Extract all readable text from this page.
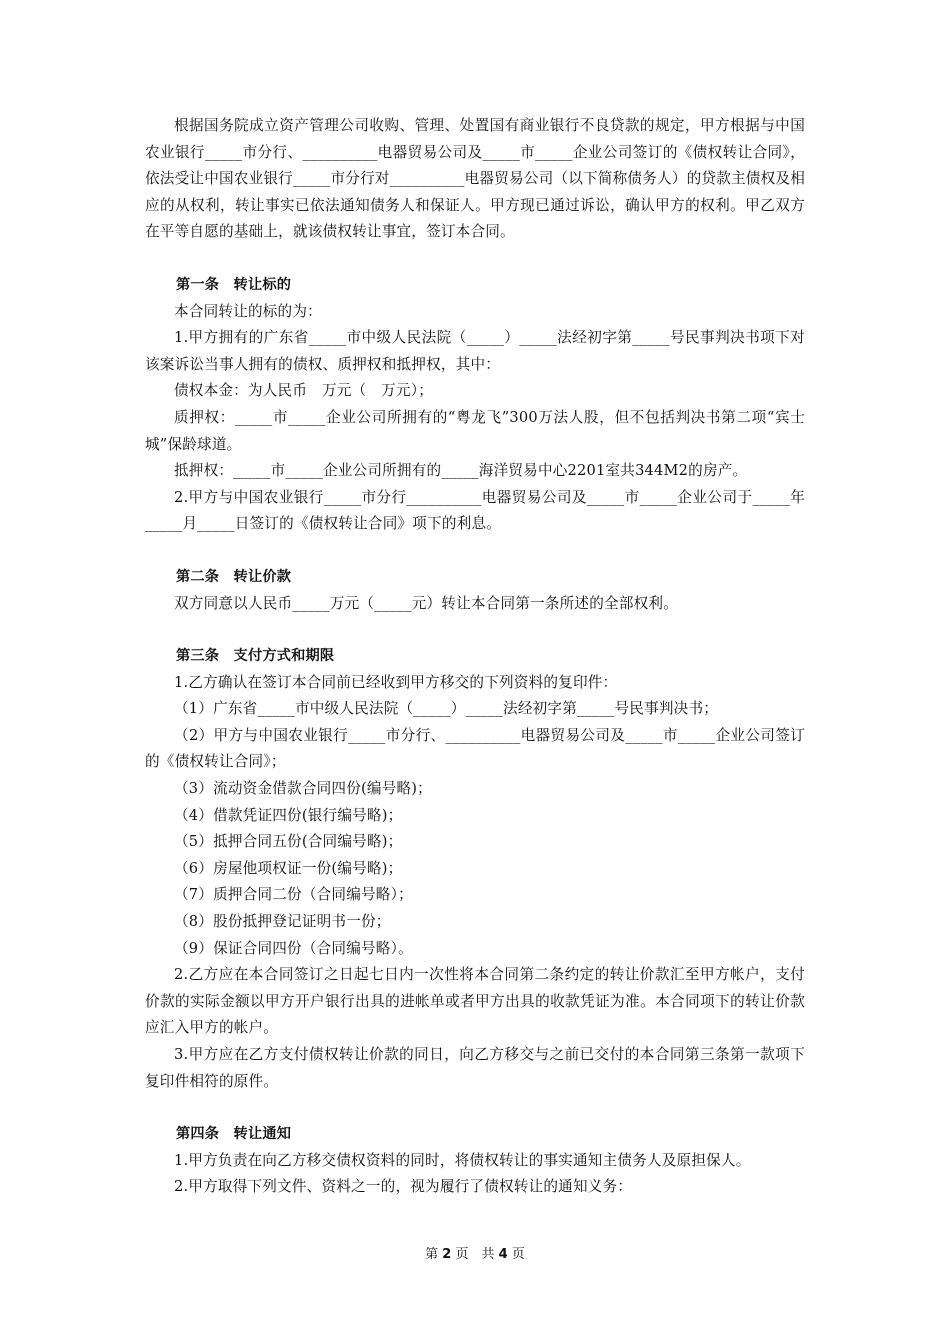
根据国务院成立资产管理公司收购、管理、处置国有商业银行不良贷款的规定，甲方根据与中国农业银行_____市分行、__________电器贸易公司及_____市_____企业公司签订的《债权转让合同》，依法受让中国农业银行_____市分行对__________电器贸易公司（以下简称债务人）的贷款主债权及相应的从权利，转让事实已依法通知债务人和保证人。甲方现已通过诉讼，确认甲方的权利。甲乙双方在平等自愿的基础上，就该债权转让事宜，签订本合同。

第一条　转让标的

本合同转让的标的为：

1.甲方拥有的广东省_____市中级人民法院（_____）_____法经初字第_____号民事判决书项下对该案诉讼当事人拥有的债权、质押权和抵押权，其中：

债权本金：为人民币　万元（　万元）；

质押权：_____市_____企业公司所拥有的“粤龙飞”300万法人股，但不包括判决书第二项“宾士城”保龄球道。

抵押权：_____市_____企业公司所拥有的_____海洋贸易中心2201室共344M2的房产。

2.甲方与中国农业银行_____市分行__________电器贸易公司及_____市_____企业公司于_____年_____月_____日签订的《债权转让合同》项下的利息。

第二条　转让价款

双方同意以人民币_____万元（_____元）转让本合同第一条所述的全部权利。

第三条　支付方式和期限

1.乙方确认在签订本合同前已经收到甲方移交的下列资料的复印件：

（1）广东省_____市中级人民法院（_____）_____法经初字第_____号民事判决书；

（2）甲方与中国农业银行_____市分行、__________电器贸易公司及_____市_____企业公司签订的《债权转让合同》；

（3）流动资金借款合同四份(编号略)；

（4）借款凭证四份(银行编号略)；

（5）抵押合同五份(合同编号略)；

（6）房屋他项权证一份(编号略)；

（7）质押合同二份（合同编号略）；

（8）股份抵押登记证明书一份；

（9）保证合同四份（合同编号略）。

2.乙方应在本合同签订之日起七日内一次性将本合同第二条约定的转让价款汇至甲方帐户，支付价款的实际金额以甲方开户银行出具的进帐单或者甲方出具的收款凭证为准。本合同项下的转让价款应汇入甲方的帐户。

3.甲方应在乙方支付债权转让价款的同日，向乙方移交与之前已交付的本合同第三条第一款项下复印件相符的原件。

第四条　转让通知

1.甲方负责在向乙方移交债权资料的同时，将债权转让的事实通知主债务人及原担保人。

2.甲方取得下列文件、资料之一的，视为履行了债权转让的通知义务：

第 2 页　共 4 页
